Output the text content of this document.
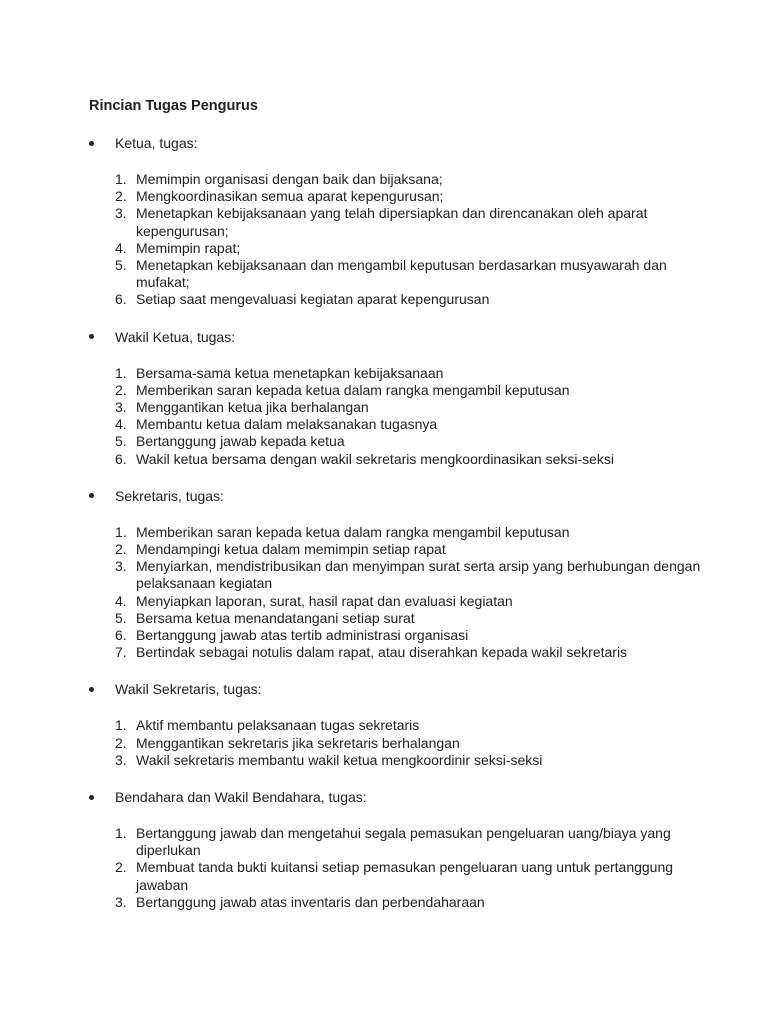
Rincian Tugas Pengurus
Ketua, tugas:
1. Memimpin organisasi dengan baik dan bijaksana;
2. Mengkoordinasikan semua aparat kepengurusan;
3. Menetapkan kebijaksanaan yang telah dipersiapkan dan direncanakan oleh aparat kepengurusan;
4. Memimpin rapat;
5. Menetapkan kebijaksanaan dan mengambil keputusan berdasarkan musyawarah dan mufakat;
6. Setiap saat mengevaluasi kegiatan aparat kepengurusan
Wakil Ketua, tugas:
1. Bersama-sama ketua menetapkan kebijaksanaan
2. Memberikan saran kepada ketua dalam rangka mengambil keputusan
3. Menggantikan ketua jika berhalangan
4. Membantu ketua dalam melaksanakan tugasnya
5. Bertanggung jawab kepada ketua
6. Wakil ketua bersama dengan wakil sekretaris mengkoordinasikan seksi-seksi
Sekretaris, tugas:
1. Memberikan saran kepada ketua dalam rangka mengambil keputusan
2. Mendampingi ketua dalam memimpin setiap rapat
3. Menyiarkan, mendistribusikan dan menyimpan surat serta arsip yang berhubungan dengan pelaksanaan kegiatan
4. Menyiapkan laporan, surat, hasil rapat dan evaluasi kegiatan
5. Bersama ketua menandatangani setiap surat
6. Bertanggung jawab atas tertib administrasi organisasi
7. Bertindak sebagai notulis dalam rapat, atau diserahkan kepada wakil sekretaris
Wakil Sekretaris, tugas:
1. Aktif membantu pelaksanaan tugas sekretaris
2. Menggantikan sekretaris jika sekretaris berhalangan
3. Wakil sekretaris membantu wakil ketua mengkoordinir seksi-seksi
Bendahara dan Wakil Bendahara, tugas:
1. Bertanggung jawab dan mengetahui segala pemasukan pengeluaran uang/biaya yang diperlukan
2. Membuat tanda bukti kuitansi setiap pemasukan pengeluaran uang untuk pertanggung jawaban
3. Bertanggung jawab atas inventaris dan perbendaharaan
